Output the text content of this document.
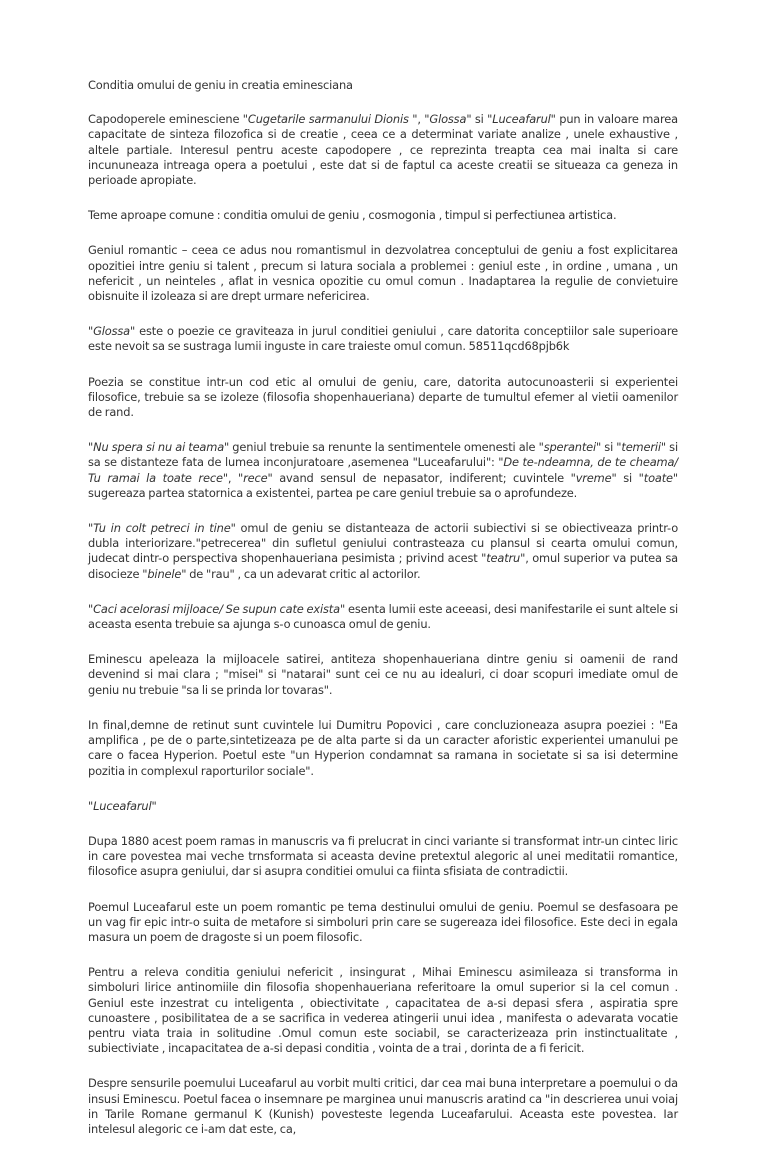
Conditia omului de geniu in creatia eminesciana

Capodoperele eminesciene "Cugetarile sarmanului Dionis ", "Glossa" si "Luceafarul" pun in valoare marea capacitate de sinteza filozofica si de creatie , ceea ce a determinat variate analize , unele exhaustive , altele partiale. Interesul pentru aceste capodopere , ce reprezinta treapta cea mai inalta si care incununeaza intreaga opera a poetului , este dat si de faptul ca aceste creatii se situeaza ca geneza in perioade apropiate.

Teme aproape comune : conditia omului de geniu , cosmogonia , timpul si perfectiunea artistica.

Geniul romantic – ceea ce adus nou romantismul in dezvolatrea conceptului de geniu a fost explicitarea opozitiei intre geniu si talent , precum si latura sociala a problemei : geniul este , in ordine , umana , un nefericit , un neinteles , aflat in vesnica opozitie cu omul comun . Inadaptarea la regulie de convietuire obisnuite il izoleaza si are drept urmare nefericirea.

"Glossa" este o poezie ce graviteaza in jurul conditiei geniului , care datorita conceptiilor sale superioare este nevoit sa se sustraga lumii inguste in care traieste omul comun. 58511qcd68pjb6k

Poezia se constitue intr-un cod etic al omului de geniu, care, datorita autocunoasterii si experientei filosofice, trebuie sa se izoleze (filosofia shopenhaueriana) departe de tumultul efemer al vietii oamenilor de rand.

"Nu spera si nu ai teama" geniul trebuie sa renunte la sentimentele omenesti ale "sperantei" si "temerii" si sa se distanteze fata de lumea inconjuratoare ,asemenea "Luceafarului": "De te-ndeamna, de te cheama/ Tu ramai la toate rece", "rece" avand sensul de nepasator, indiferent; cuvintele "vreme" si "toate" sugereaza partea statornica a existentei, partea pe care geniul trebuie sa o aprofundeze.

"Tu in colt petreci in tine" omul de geniu se distanteaza de actorii subiectivi si se obiectiveaza printr-o dubla interiorizare."petrecerea" din sufletul geniului contrasteaza cu plansul si cearta omului comun, judecat dintr-o perspectiva shopenhaueriana pesimista ; privind acest "teatru", omul superior va putea sa disocieze "binele" de "rau" , ca un adevarat critic al actorilor.

"Caci acelorasi mijloace/ Se supun cate exista" esenta lumii este aceeasi, desi manifestarile ei sunt altele si aceasta esenta trebuie sa ajunga s-o cunoasca omul de geniu.

Eminescu apeleaza la mijloacele satirei, antiteza shopenhaueriana dintre geniu si oamenii de rand devenind si mai clara ; "misei" si "natarai" sunt cei ce nu au idealuri, ci doar scopuri imediate omul de geniu nu trebuie "sa li se prinda lor tovaras".

In final,demne de retinut sunt cuvintele lui Dumitru Popovici , care concluzioneaza asupra poeziei : "Ea amplifica , pe de o parte,sintetizeaza pe de alta parte si da un caracter aforistic experientei umanului pe care o facea Hyperion. Poetul este "un Hyperion condamnat sa ramana in societate si sa isi determine pozitia in complexul raporturilor sociale".

"Luceafarul"

Dupa 1880 acest poem ramas in manuscris va fi prelucrat in cinci variante si transformat intr-un cintec liric in care povestea mai veche trnsformata si aceasta devine pretextul alegoric al unei meditatii romantice, filosofice asupra geniului, dar si asupra conditiei omului ca fiinta sfisiata de contradictii.

Poemul Luceafarul este un poem romantic pe tema destinului omului de geniu. Poemul se desfasoara pe un vag fir epic intr-o suita de metafore si simboluri prin care se sugereaza idei filosofice. Este deci in egala masura un poem de dragoste si un poem filosofic.

Pentru a releva conditia geniului nefericit , insingurat , Mihai Eminescu asimileaza si transforma in simboluri lirice antinomiile din filosofia shopenhaueriana referitoare la omul superior si la cel comun . Geniul este inzestrat cu inteligenta , obiectivitate , capacitatea de a-si depasi sfera , aspiratia spre cunoastere , posibilitatea de a se sacrifica in vederea atingerii unui idea , manifesta o adevarata vocatie pentru viata traia in solitudine .Omul comun este sociabil, se caracterizeaza prin instinctualitate , subiectiviate , incapacitatea de a-si depasi conditia , vointa de a trai , dorinta de a fi fericit.

Despre sensurile poemului Luceafarul au vorbit multi critici, dar cea mai buna interpretare a poemului o da insusi Eminescu. Poetul facea o insemnare pe marginea unui manuscris aratind ca "in descrierea unui voiaj in Tarile Romane germanul K (Kunish) povesteste legenda Luceafarului. Aceasta este povestea. Iar intelesul alegoric ce i-am dat este, ca,
